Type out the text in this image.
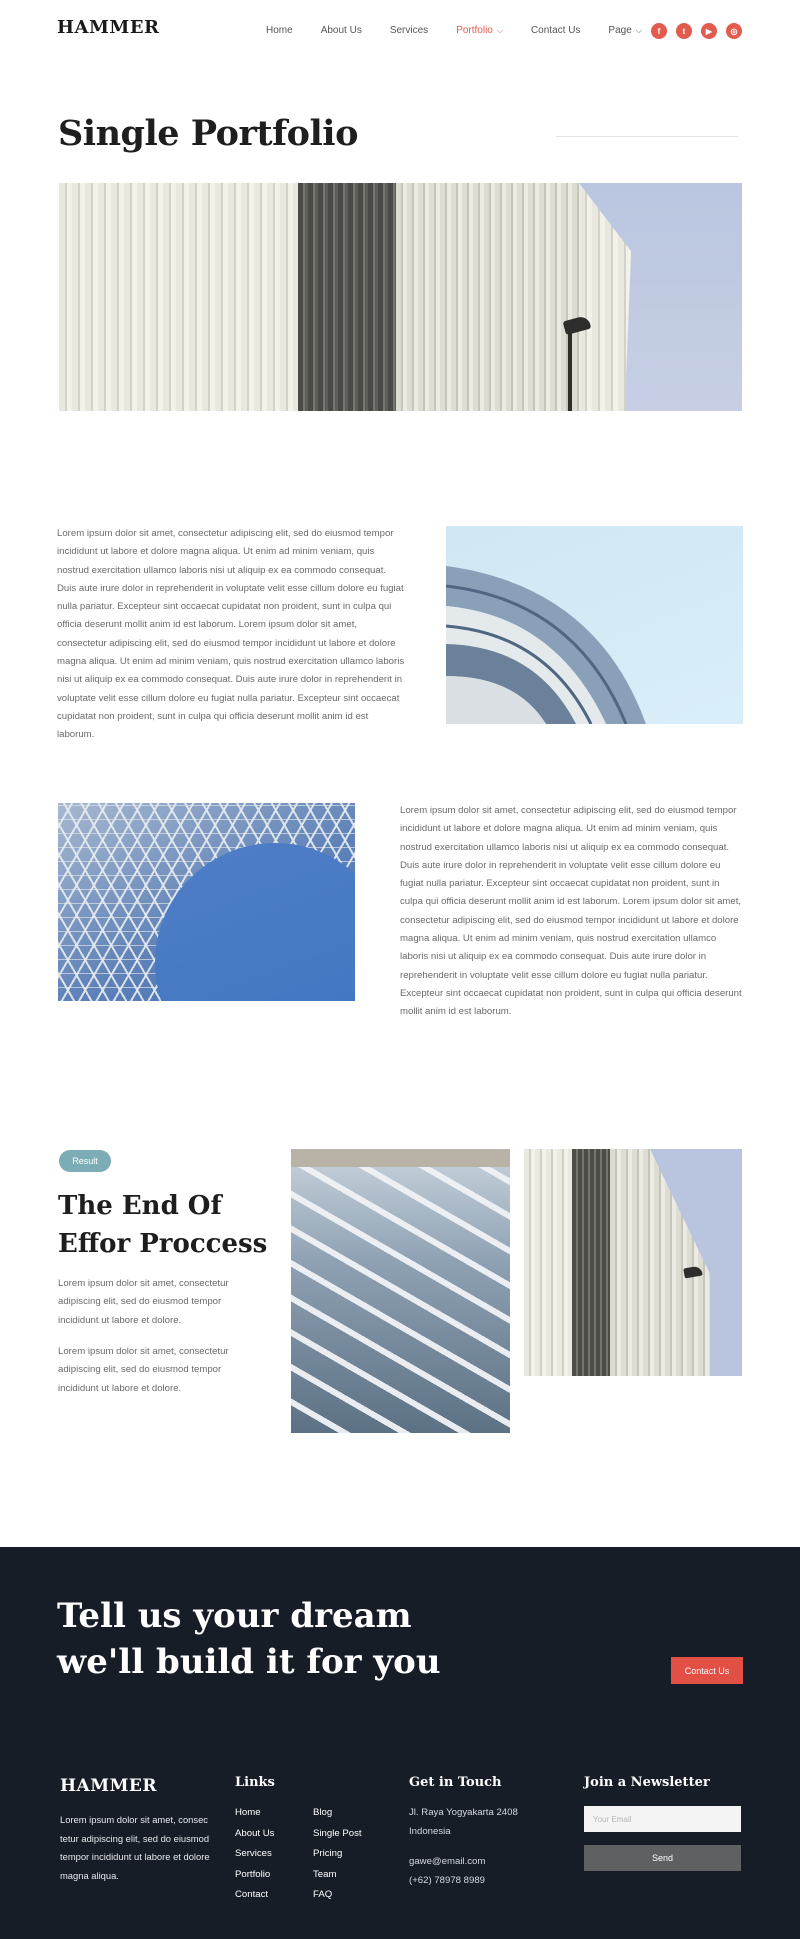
HAMMER	Home	About Us	Services	Portfolio ⌵	Contact Us	Page ⌵	f	t	▶	◎
Single Portfolio

Lorem ipsum dolor sit amet, consectetur adipiscing elit, sed do eiusmod tempor incididunt ut labore et dolore magna aliqua. Ut enim ad minim veniam, quis nostrud exercitation ullamco laboris nisi ut aliquip ex ea commodo consequat. Duis aute irure dolor in reprehenderit in voluptate velit esse cillum dolore eu fugiat nulla pariatur. Excepteur sint occaecat cupidatat non proident, sunt in culpa qui officia deserunt mollit anim id est laborum. Lorem ipsum dolor sit amet, consectetur adipiscing elit, sed do eiusmod tempor incididunt ut labore et dolore magna aliqua. Ut enim ad minim veniam, quis nostrud exercitation ullamco laboris nisi ut aliquip ex ea commodo consequat. Duis aute irure dolor in reprehenderit in voluptate velit esse cillum dolore eu fugiat nulla pariatur. Excepteur sint occaecat cupidatat non proident, sunt in culpa qui officia deserunt mollit anim id est laborum.

Lorem ipsum dolor sit amet, consectetur adipiscing elit, sed do eiusmod tempor incididunt ut labore et dolore magna aliqua. Ut enim ad minim veniam, quis nostrud exercitation ullamco laboris nisi ut aliquip ex ea commodo consequat. Duis aute irure dolor in reprehenderit in voluptate velit esse cillum dolore eu fugiat nulla pariatur. Excepteur sint occaecat cupidatat non proident, sunt in culpa qui officia deserunt mollit anim id est laborum. Lorem ipsum dolor sit amet, consectetur adipiscing elit, sed do eiusmod tempor incididunt ut labore et dolore magna aliqua. Ut enim ad minim veniam, quis nostrud exercitation ullamco laboris nisi ut aliquip ex ea commodo consequat. Duis aute irure dolor in reprehenderit in voluptate velit esse cillum dolore eu fugiat nulla pariatur. Excepteur sint occaecat cupidatat non proident, sunt in culpa qui officia deserunt mollit anim id est laborum.

Result
The End Of Effor Proccess

Lorem ipsum dolor sit amet, consectetur adipiscing elit, sed do eiusmod tempor incididunt ut labore et dolore.

Lorem ipsum dolor sit amet, consectetur adipiscing elit, sed do eiusmod tempor incididunt ut labore et dolore.

Tell us your dream we'll build it for you	Contact Us
HAMMER

Lorem ipsum dolor sit amet, consec tetur adipiscing elit, sed do eiusmod tempor incididunt ut labore et dolore magna aliqua.

Links
Home
About Us
Services
Portfolio
Contact
Blog
Single Post
Pricing
Team
FAQ
Get in Touch

Jl. Raya Yogyakarta 2408 Indonesia

gawe@email.com

(+62) 78978 8989

Join a Newsletter
Your Email
Send
